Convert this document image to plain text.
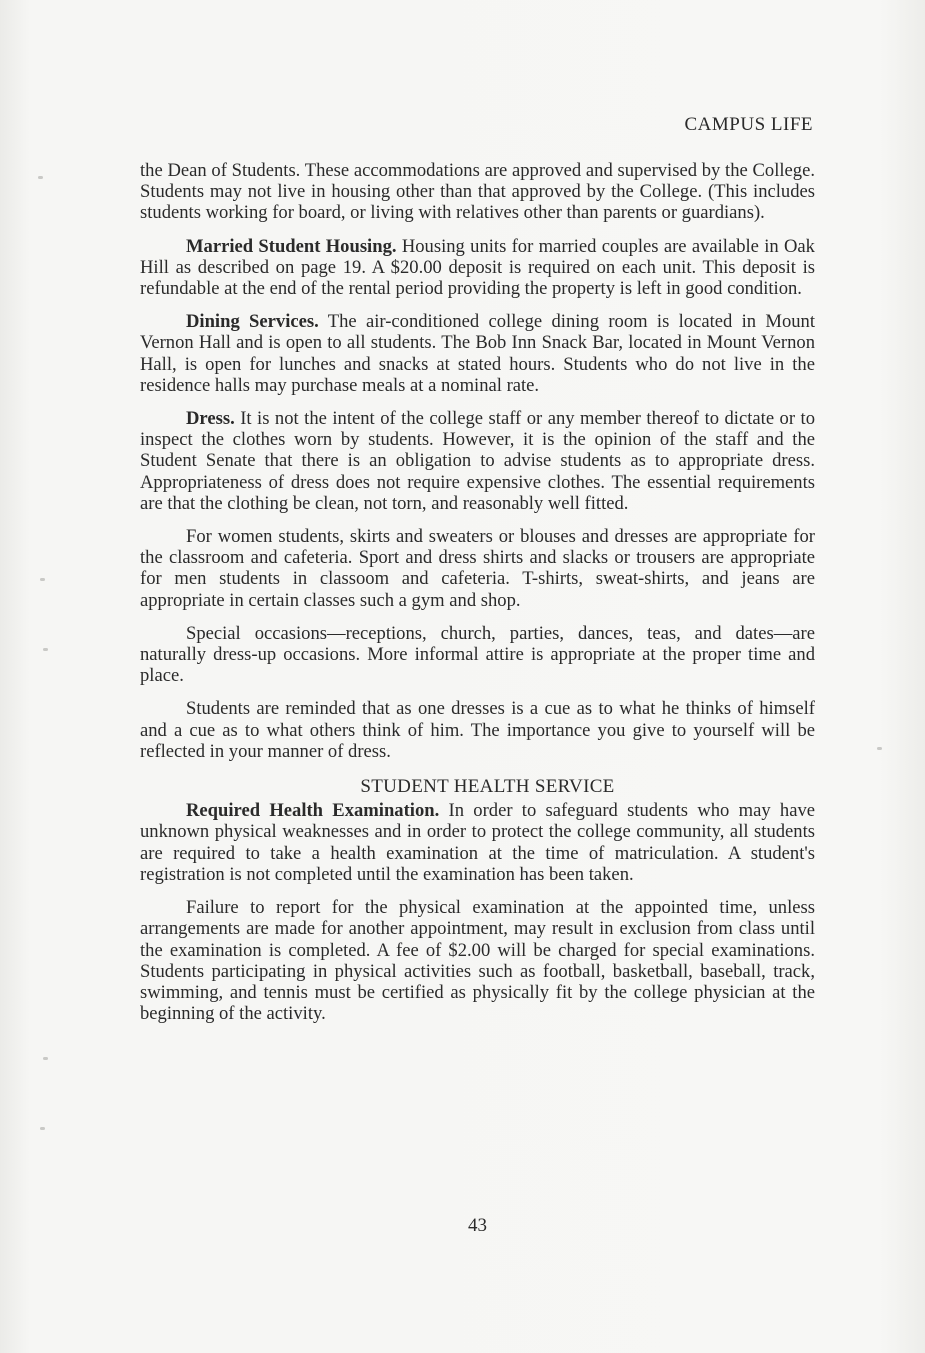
CAMPUS LIFE

the Dean of Students. These accommodations are approved and supervised by the College. Students may not live in housing other than that approved by the College. (This includes students working for board, or living with relatives other than parents or guardians).

Married Student Housing. Housing units for married couples are available in Oak Hill as described on page 19. A $20.00 deposit is required on each unit. This deposit is refundable at the end of the rental period providing the property is left in good condition.

Dining Services. The air-conditioned college dining room is located in Mount Vernon Hall and is open to all students. The Bob Inn Snack Bar, located in Mount Vernon Hall, is open for lunches and snacks at stated hours. Students who do not live in the residence halls may purchase meals at a nominal rate.

Dress. It is not the intent of the college staff or any member thereof to dictate or to inspect the clothes worn by students. However, it is the opinion of the staff and the Student Senate that there is an obligation to advise students as to appropriate dress. Appropriateness of dress does not require expensive clothes. The essential requirements are that the clothing be clean, not torn, and reasonably well fitted.

For women students, skirts and sweaters or blouses and dresses are appropriate for the classroom and cafeteria. Sport and dress shirts and slacks or trousers are appropriate for men students in classoom and cafeteria. T-shirts, sweat-shirts, and jeans are appropriate in certain classes such a gym and shop.

Special occasions—receptions, church, parties, dances, teas, and dates—are naturally dress-up occasions. More informal attire is appropriate at the proper time and place.

Students are reminded that as one dresses is a cue as to what he thinks of himself and a cue as to what others think of him. The importance you give to yourself will be reflected in your manner of dress.

STUDENT HEALTH SERVICE

Required Health Examination. In order to safeguard students who may have unknown physical weaknesses and in order to protect the college community, all students are required to take a health examination at the time of matriculation. A student's registration is not completed until the examination has been taken.

Failure to report for the physical examination at the appointed time, unless arrangements are made for another appointment, may result in exclusion from class until the examination is completed. A fee of $2.00 will be charged for special examinations. Students participating in physical activities such as football, basketball, baseball, track, swimming, and tennis must be certified as physically fit by the college physician at the beginning of the activity.

43
